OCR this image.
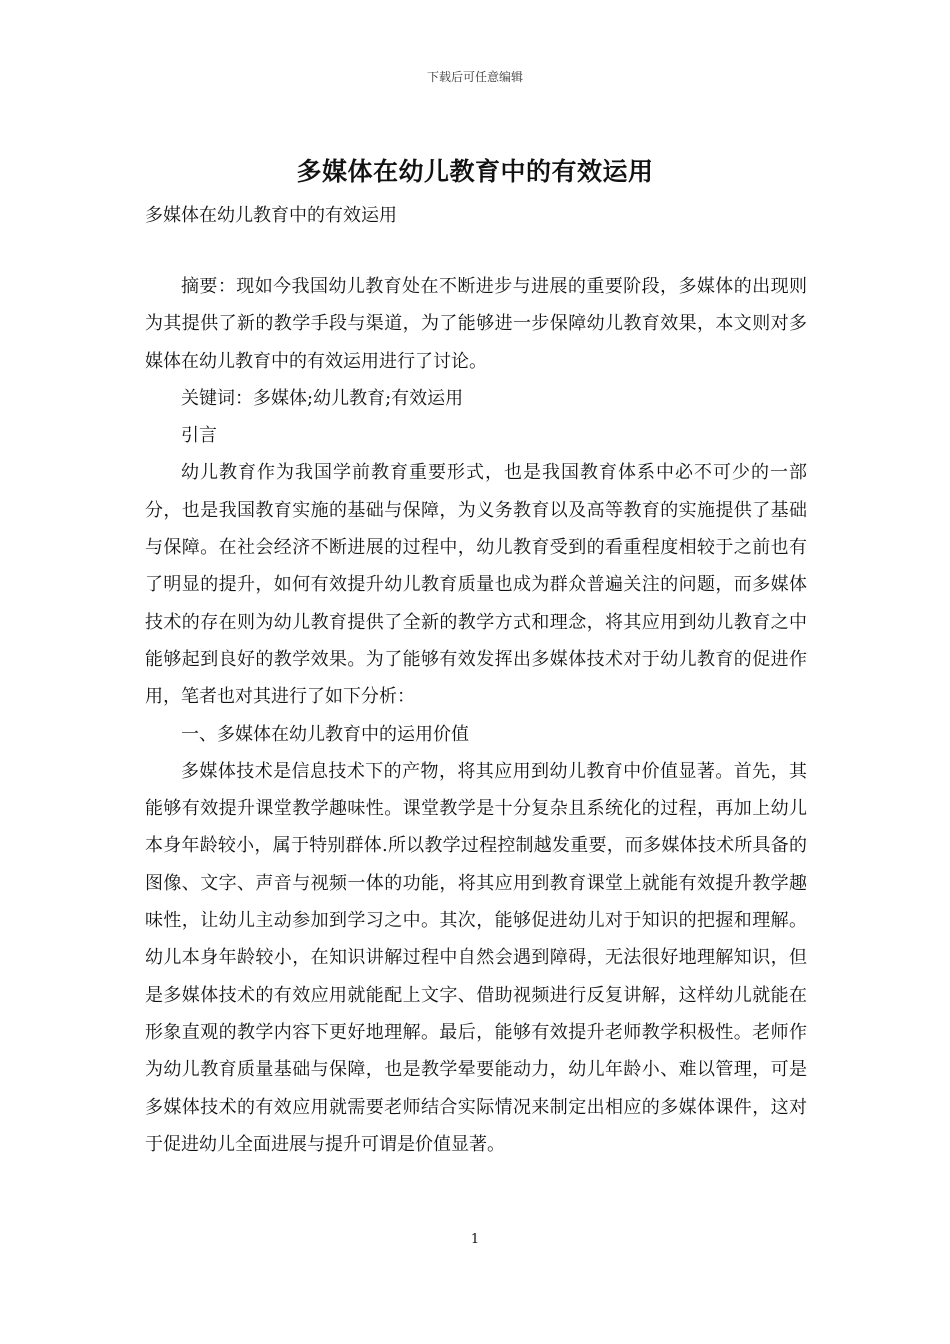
下载后可任意编辑
多媒体在幼儿教育中的有效运用
多媒体在幼儿教育中的有效运用

摘要：现如今我国幼儿教育处在不断进步与进展的重要阶段，多媒体的出现则为其提供了新的教学手段与渠道，为了能够进一步保障幼儿教育效果，本文则对多媒体在幼儿教育中的有效运用进行了讨论。

关键词：多媒体;幼儿教育;有效运用

引言

幼儿教育作为我国学前教育重要形式，也是我国教育体系中必不可少的一部分，也是我国教育实施的基础与保障，为义务教育以及高等教育的实施提供了基础与保障。在社会经济不断进展的过程中，幼儿教育受到的看重程度相较于之前也有了明显的提升，如何有效提升幼儿教育质量也成为群众普遍关注的问题，而多媒体技术的存在则为幼儿教育提供了全新的教学方式和理念，将其应用到幼儿教育之中能够起到良好的教学效果。为了能够有效发挥出多媒体技术对于幼儿教育的促进作用，笔者也对其进行了如下分析：

一、多媒体在幼儿教育中的运用价值

多媒体技术是信息技术下的产物，将其应用到幼儿教育中价值显著。首先，其能够有效提升课堂教学趣味性。课堂教学是十分复杂且系统化的过程，再加上幼儿本身年龄较小，属于特别群体.所以教学过程控制越发重要，而多媒体技术所具备的图像、文字、声音与视频一体的功能，将其应用到教育课堂上就能有效提升教学趣味性，让幼儿主动参加到学习之中。其次，能够促进幼儿对于知识的把握和理解。幼儿本身年龄较小，在知识讲解过程中自然会遇到障碍，无法很好地理解知识，但是多媒体技术的有效应用就能配上文字、借助视频进行反复讲解，这样幼儿就能在形象直观的教学内容下更好地理解。最后，能够有效提升老师教学积极性。老师作为幼儿教育质量基础与保障，也是教学晕要能动力，幼儿年龄小、难以管理，可是多媒体技术的有效应用就需要老师结合实际情况来制定出相应的多媒体课件，这对于促进幼儿全面进展与提升可谓是价值显著。

1
